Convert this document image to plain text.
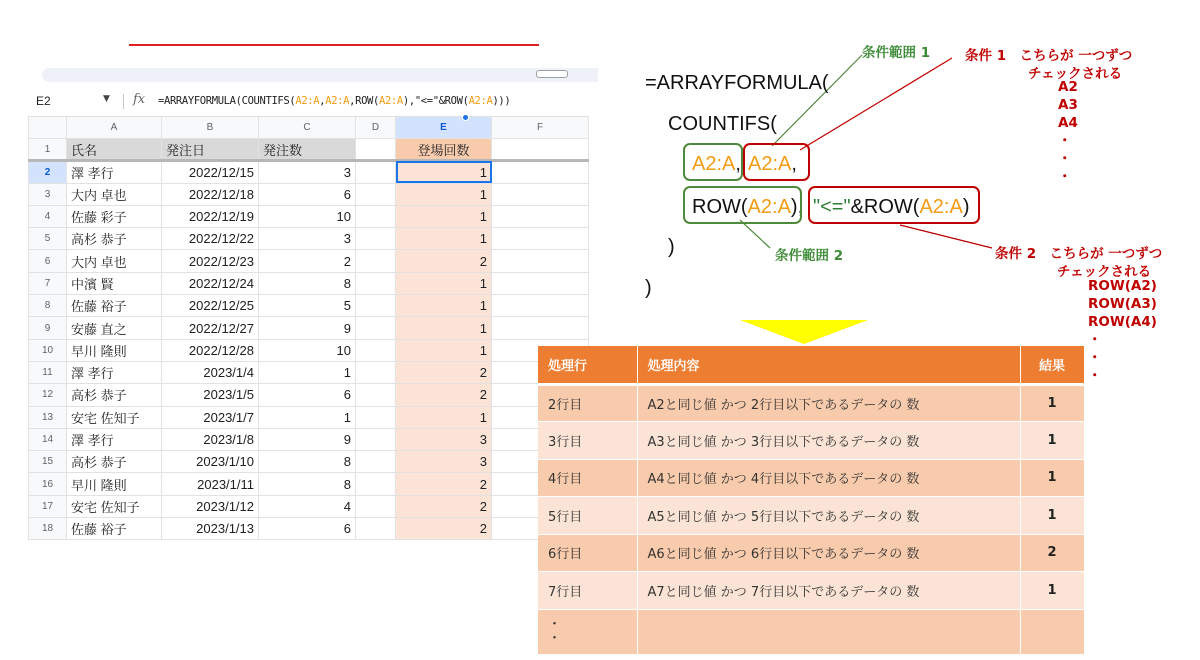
E2	▼ fx =ARRAYFORMULA(COUNTIFS(A2:A,A2:A,ROW(A2:A),"<="&ROW(A2:A)))
	A	B	C	D	E	F
1	氏名	発注日	発注数		登場回数	
2	澤 孝行	2022/12/15	3		1	
3	大内 卓也	2022/12/18	6		1	
4	佐藤 彩子	2022/12/19	10		1	
5	高杉 恭子	2022/12/22	3		1	
6	大内 卓也	2022/12/23	2		2	
7	中濱 賢	2022/12/24	8		1	
8	佐藤 裕子	2022/12/25	5		1	
9	安藤 直之	2022/12/27	9		1	
10	早川 隆則	2022/12/28	10		1	
11	澤 孝行	2023/1/4	1		2	
12	高杉 恭子	2023/1/5	6		2	
13	安宅 佐知子	2023/1/7	1		1	
14	澤 孝行	2023/1/8	9		3	
15	高杉 恭子	2023/1/10	8		3	
16	早川 隆則	2023/1/11	8		2	
17	安宅 佐知子	2023/1/12	4		2	
18	佐藤 裕子	2023/1/13	6		2	
=ARRAYFORMULA(
COUNTIFS(
A2:A, A2:A,
ROW(A2:A), "<="&ROW(A2:A)
)
)
条件範囲 1
条件範囲 2
条件 1　こちらが 一つずつ
チェックされる
A2
A3
A4
・
・
・
条件 2　こちらが 一つずつ
チェックされる
ROW(A2)
ROW(A3)
ROW(A4)
・
・
・
処理行	処理内容	結果
2行目	A2と同じ値 かつ 2行目以下であるデータの 数	1
3行目	A3と同じ値 かつ 3行目以下であるデータの 数	1
4行目	A4と同じ値 かつ 4行目以下であるデータの 数	1
5行目	A5と同じ値 かつ 5行目以下であるデータの 数	1
6行目	A6と同じ値 かつ 6行目以下であるデータの 数	2
7行目	A7と同じ値 かつ 7行目以下であるデータの 数	1

・
・		
